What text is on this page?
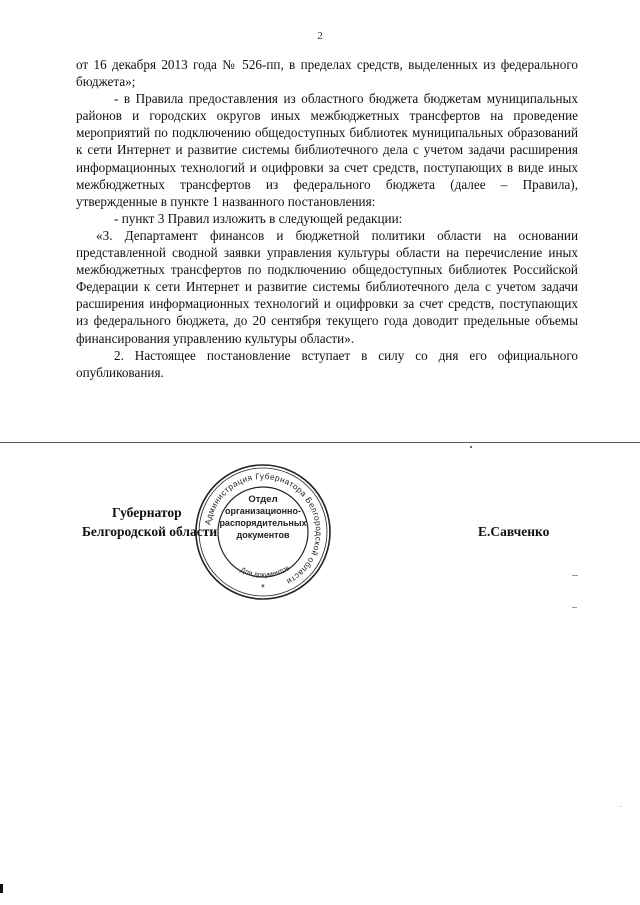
2

от 16 декабря 2013 года № 526-пп, в пределах средств, выделенных из федерального бюджета»;

- в Правила предоставления из областного бюджета бюджетам муниципальных районов и городских округов иных межбюджетных трансфертов на проведение мероприятий по подключению общедоступных библиотек муниципальных образований к сети Интернет и развитие системы библиотечного дела с учетом задачи расширения информационных технологий и оцифровки за счет средств, поступающих в виде иных межбюджетных трансфертов из федерального бюджета (далее – Правила), утвержденные в пункте 1 названного постановления:

- пункт 3 Правил изложить в следующей редакции:

«3. Департамент финансов и бюджетной политики области на основании представленной сводной заявки управления культуры области на перечисление иных межбюджетных трансфертов по подключению общедоступных библиотек Российской Федерации к сети Интернет и развитие системы библиотечного дела с учетом задачи расширения информационных технологий и оцифровки за счет средств, поступающих из федерального бюджета, до 20 сентября текущего года доводит предельные объемы финансирования управлению культуры области».

2. Настоящее постановление вступает в силу со дня его официального опубликования.

Губернатор
Белгородской области	Е.Савченко
Администрация Губернатора Белгородской области
Отдел
организационно-
распорядительных
документов
Для документов
*
